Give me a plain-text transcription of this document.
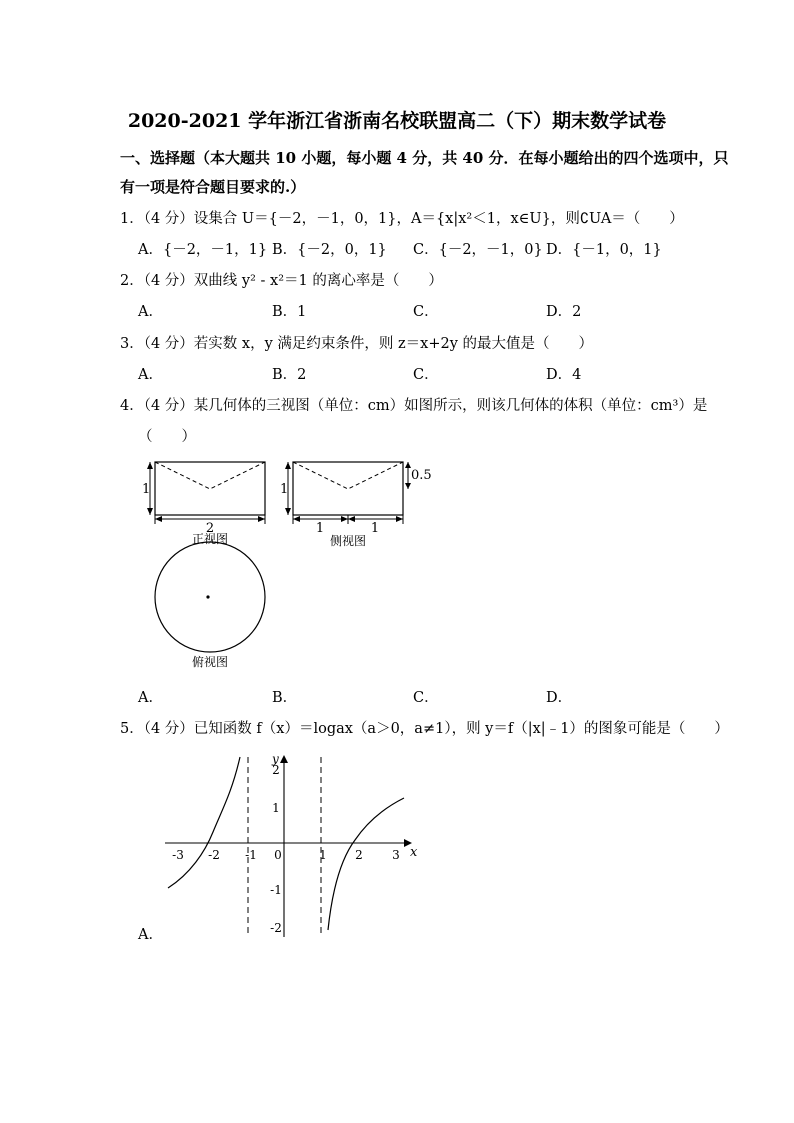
2020-2021 学年浙江省浙南名校联盟高二（下）期末数学试卷
一、选择题（本大题共 10 小题，每小题 4 分，共 40 分．在每小题给出的四个选项中，只
有一项是符合题目要求的.）
1．（4 分）设集合 U＝{－2，－1，0，1}，A＝{x|x²＜1，x∈U}，则∁UA＝（　　）
A．{－2，－1，1} B．{－2，0，1} C．{－2，－1，0} D．{－1，0，1}
2．（4 分）双曲线 y² - x²＝1 的离心率是（　　）
A．	B．1	C．	D．2
3．（4 分）若实数 x，y 满足约束条件，则 z＝x+2y 的最大值是（　　）
A．	B．2	C．	D．4
4．（4 分）某几何体的三视图（单位：cm）如图所示，则该几何体的体积（单位：cm³）是
（　　）
1
2
正视图
1
0.5
1	1
侧视图
俯视图
A．	B．	C．	D．
5．（4 分）已知函数 f（x）＝logax（a＞0，a≠1），则 y＝f（|x|﹣1）的图象可能是（　　）
-3 -2 -1 0	1 2 3 x
y
2
1
-1
-2
A．
